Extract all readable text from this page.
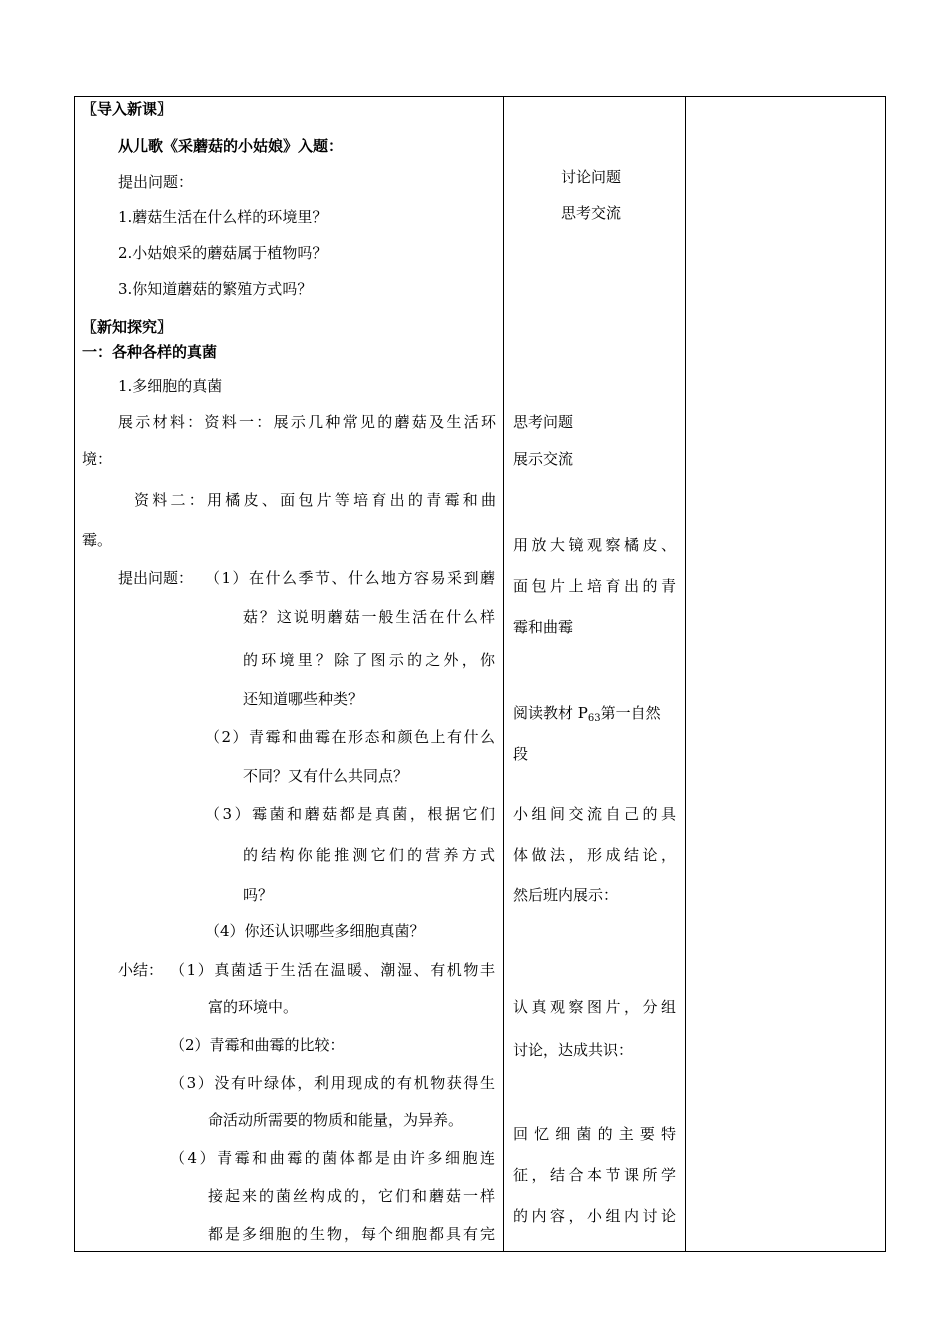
〖导入新课〗
从儿歌《采蘑菇的小姑娘》入题：
提出问题：
1.蘑菇生活在什么样的环境里？
2.小姑娘采的蘑菇属于植物吗？
3.你知道蘑菇的繁殖方式吗？
〖新知探究〗
一：各种各样的真菌
1.多细胞的真菌
展示材料：资料一：展示几种常见的蘑菇及生活环
境：
资料二：用橘皮、面包片等培育出的青霉和曲
霉。
提出问题： （1）在什么季节、什么地方容易采到蘑
菇？这说明蘑菇一般生活在什么样
的环境里？除了图示的之外，你
还知道哪些种类？
（2）青霉和曲霉在形态和颜色上有什么
不同？又有什么共同点？
（3）霉菌和蘑菇都是真菌，根据它们
的结构你能推测它们的营养方式
吗？
（4）你还认识哪些多细胞真菌？
小结： （1）真菌适于生活在温暖、潮湿、有机物丰
富的环境中。
（2）青霉和曲霉的比较：
（3）没有叶绿体，利用现成的有机物获得生
命活动所需要的物质和能量，为异养。
（4）青霉和曲霉的菌体都是由许多细胞连
接起来的菌丝构成的，它们和蘑菇一样
都是多细胞的生物，每个细胞都具有完
讨论问题
思考交流
思考问题
展示交流
用放大镜观察橘皮、
面包片上培育出的青
霉和曲霉
阅读教材 $P_{63}$第一自然
段
小组间交流自己的具
体做法，形成结论，
然后班内展示：
认真观察图片，分组
讨论，达成共识：
回忆细菌的主要特
征，结合本节课所学
的内容，小组内讨论
